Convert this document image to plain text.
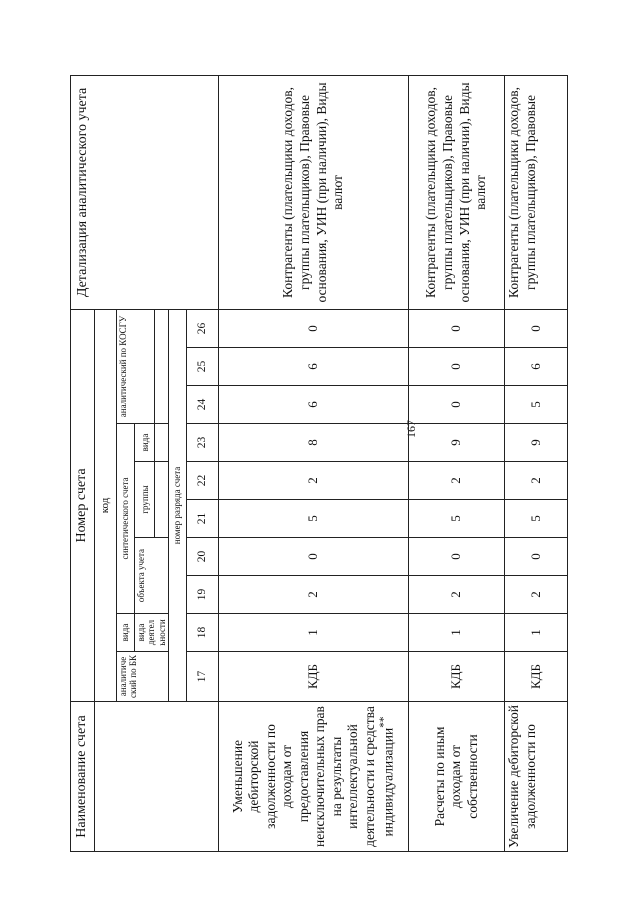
167
Наименование счета	Номер счета										Детализация аналитического учета
	код										
	аналитиче ский по БК	вида	синтетического счета					аналитический по КОСГУ			
		вида деятел ьности	объекта учета		группы		вида				

	номер разряда счета										
	17	18	19	20	21	22	23	24	25	26	
Уменьшение дебиторской задолженности по доходам от предоставления неисключительных прав на результаты интеллектуальной деятельности и средства индивидуализации**	КДБ	1	2	0	5	2	8	6	6	0	Контрагенты (плательщики доходов, группы плательщиков), Правовые основания, УИН (при наличии), Виды валют
Расчеты по иным доходам от собственности	КДБ	1	2	0	5	2	9	0	0	0	Контрагенты (плательщики доходов, группы плательщиков), Правовые основания, УИН (при наличии), Виды валют
Увеличение дебиторской задолженности по	КДБ	1	2	0	5	2	9	5	6	0	Контрагенты (плательщики доходов, группы плательщиков), Правовые
